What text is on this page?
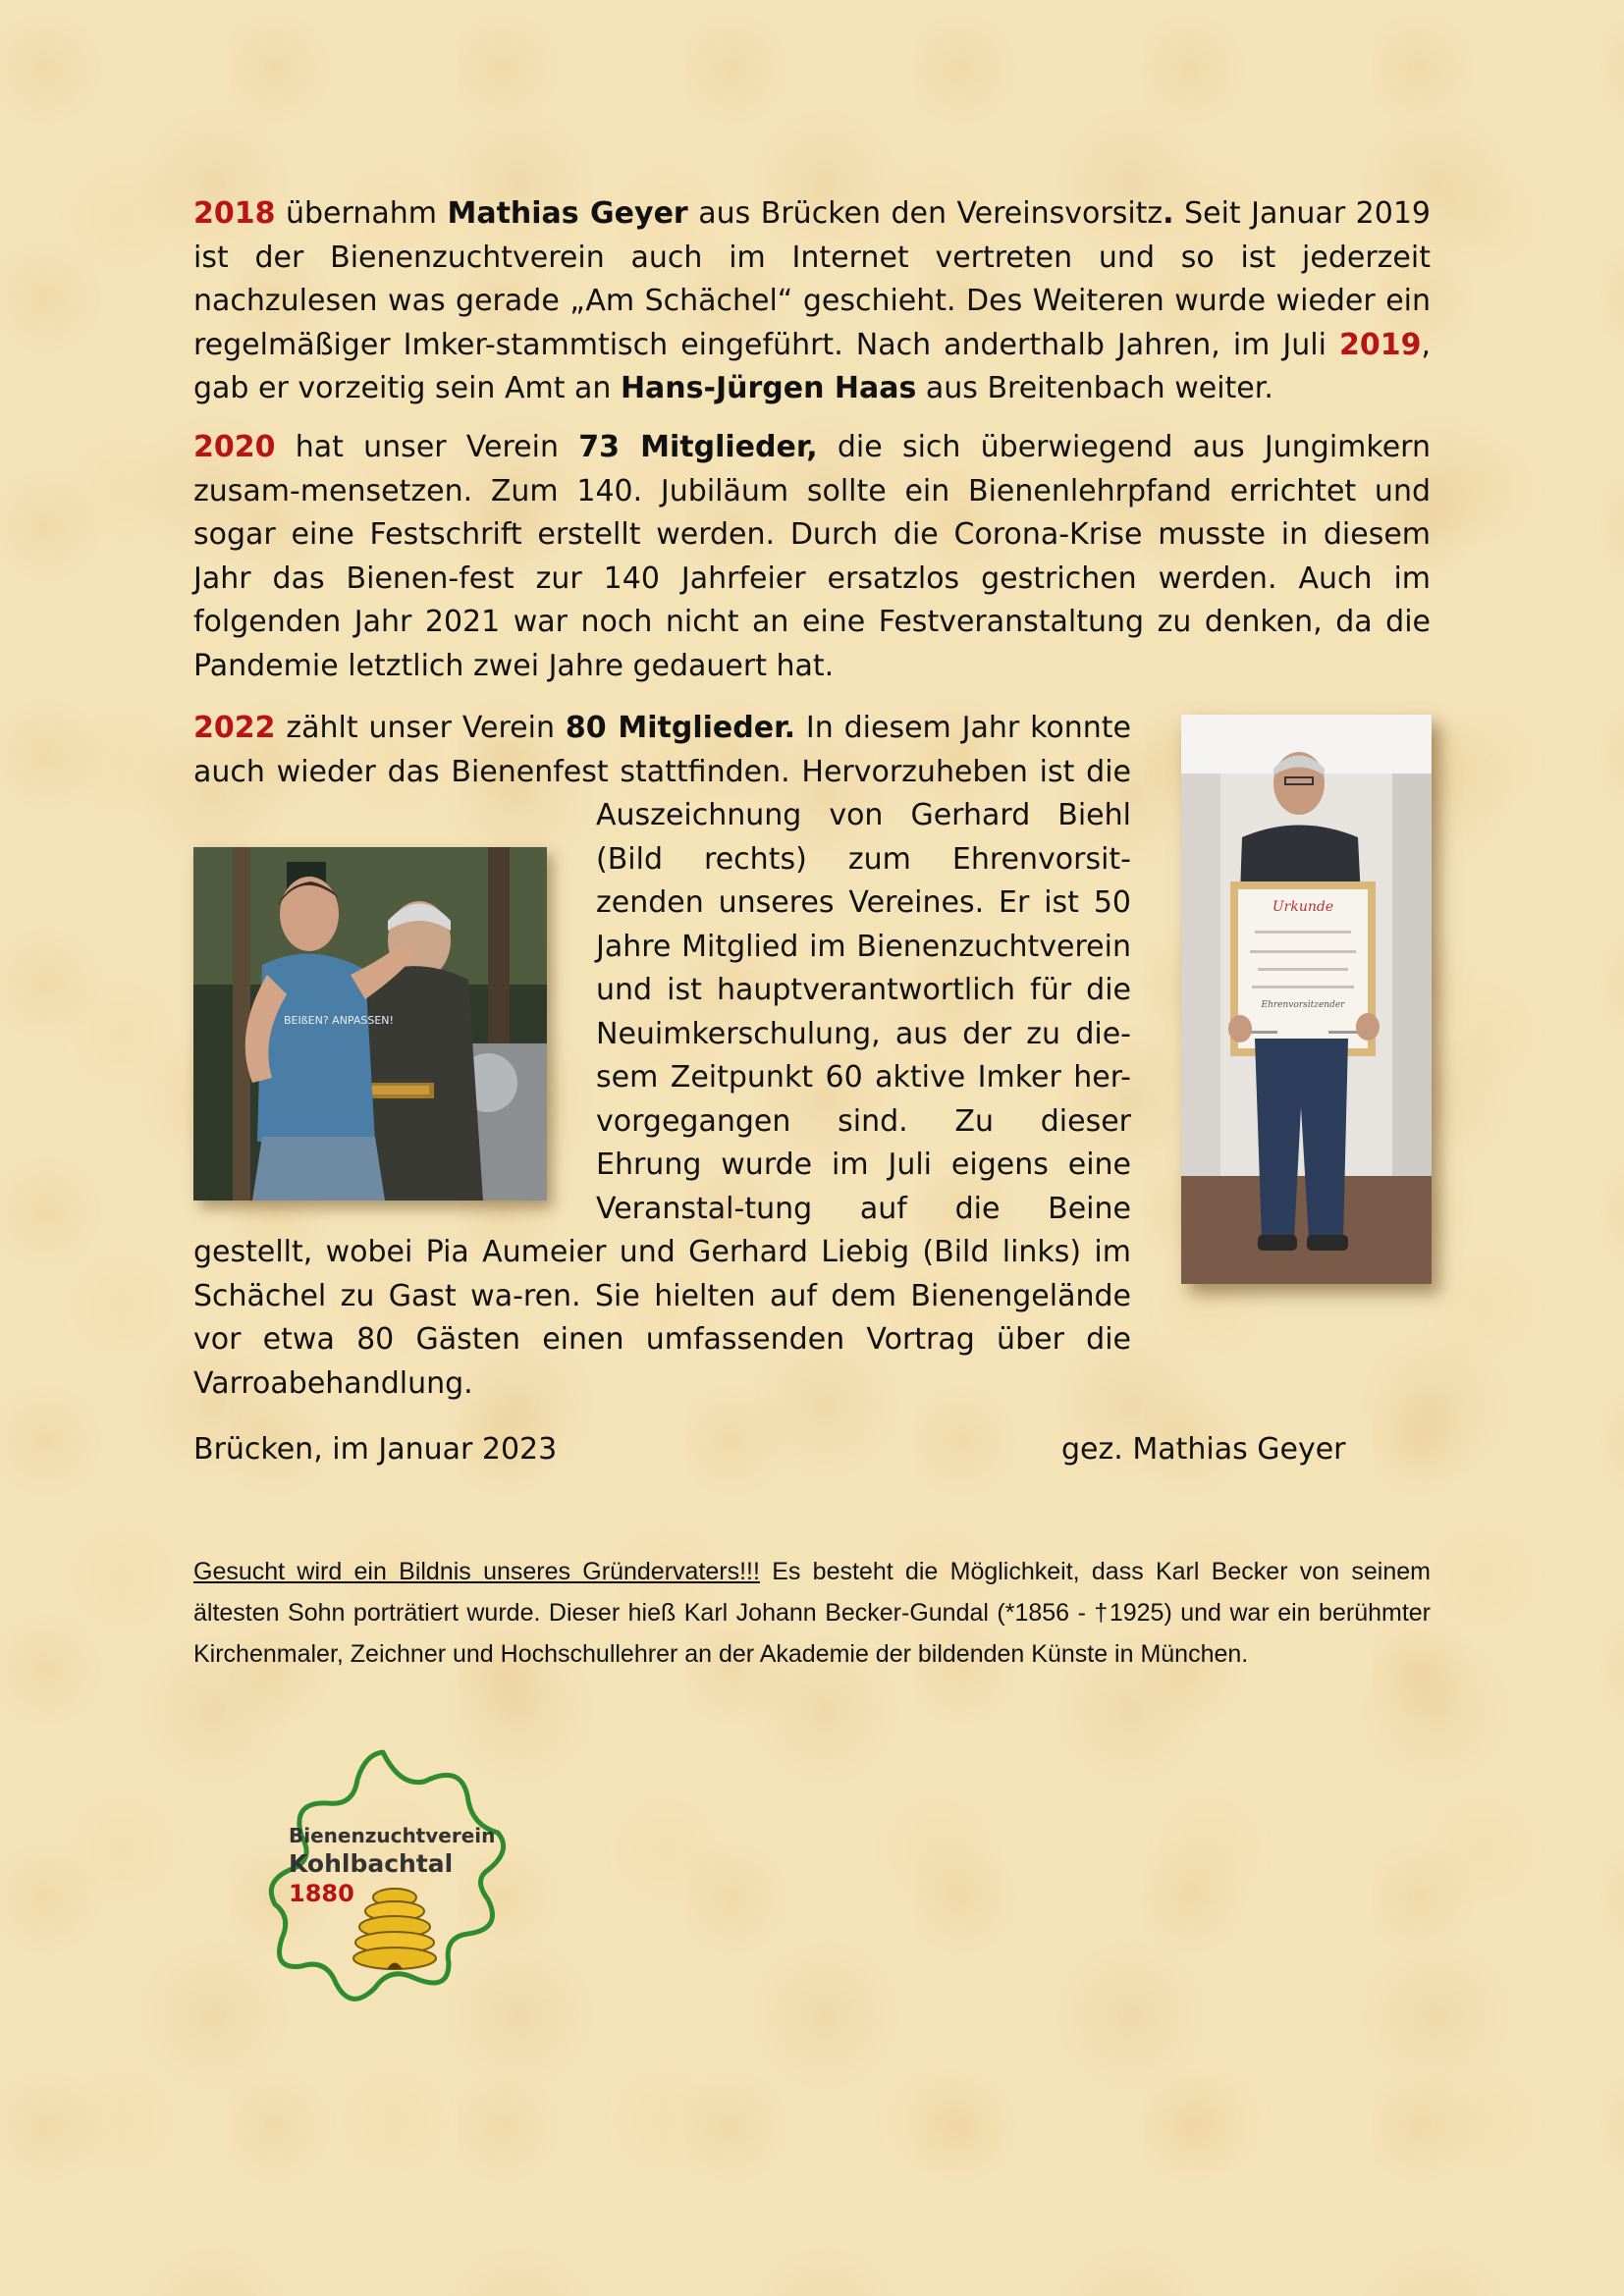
2018 übernahm Mathias Geyer aus Brücken den Vereinsvorsitz. Seit Januar 2019 ist der Bienenzuchtverein auch im Internet vertreten und so ist jederzeit nachzulesen was gerade „Am Schächel“ geschieht. Des Weiteren wurde wieder ein regelmäßiger Imker-stammtisch eingeführt. Nach anderthalb Jahren, im Juli 2019, gab er vorzeitig sein Amt an Hans-Jürgen Haas aus Breitenbach weiter.

2020 hat unser Verein 73 Mitglieder, die sich überwiegend aus Jungimkern zusam-mensetzen. Zum 140. Jubiläum sollte ein Bienenlehrpfand errichtet und sogar eine Festschrift erstellt werden. Durch die Corona-Krise musste in diesem Jahr das Bienen-fest zur 140 Jahrfeier ersatzlos gestrichen werden. Auch im folgenden Jahr 2021 war noch nicht an eine Festveranstaltung zu denken, da die Pandemie letztlich zwei Jahre gedauert hat.

BEIßEN? ANPASSEN!

2022 zählt unser Verein 80 Mitglieder. In diesem Jahr konnte auch wieder das Bienenfest stattfinden. Hervorzuheben ist die Auszeichnung von Gerhard Biehl (Bild rechts) zum Ehrenvorsit-zenden unseres Vereines. Er ist 50 Jahre Mitglied im Bienenzuchtverein und ist hauptverantwortlich für die Neuimkerschulung, aus der zu die-sem Zeitpunkt 60 aktive Imker her-vorgegangen sind. Zu dieser Ehrung wurde im Juli eigens eine Veranstal-tung auf die Beine gestellt, wobei Pia Aumeier und Gerhard Liebig (Bild links) im Schächel zu Gast wa-ren. Sie hielten auf dem Bienengelände vor etwa 80 Gästen einen umfassenden Vortrag über die Varroabehandlung.

Urkunde
Ehrenvorsitzender
Brücken, im Januar 2023	gez. Mathias Geyer

Gesucht wird ein Bildnis unseres Gründervaters!!! Es besteht die Möglichkeit, dass Karl Becker von seinem ältesten Sohn porträtiert wurde. Dieser hieß Karl Johann Becker-Gundal (*1856 - †1925) und war ein berühmter Kirchenmaler, Zeichner und Hochschullehrer an der Akademie der bildenden Künste in München.

Bienenzuchtverein
Kohlbachtal
1880
